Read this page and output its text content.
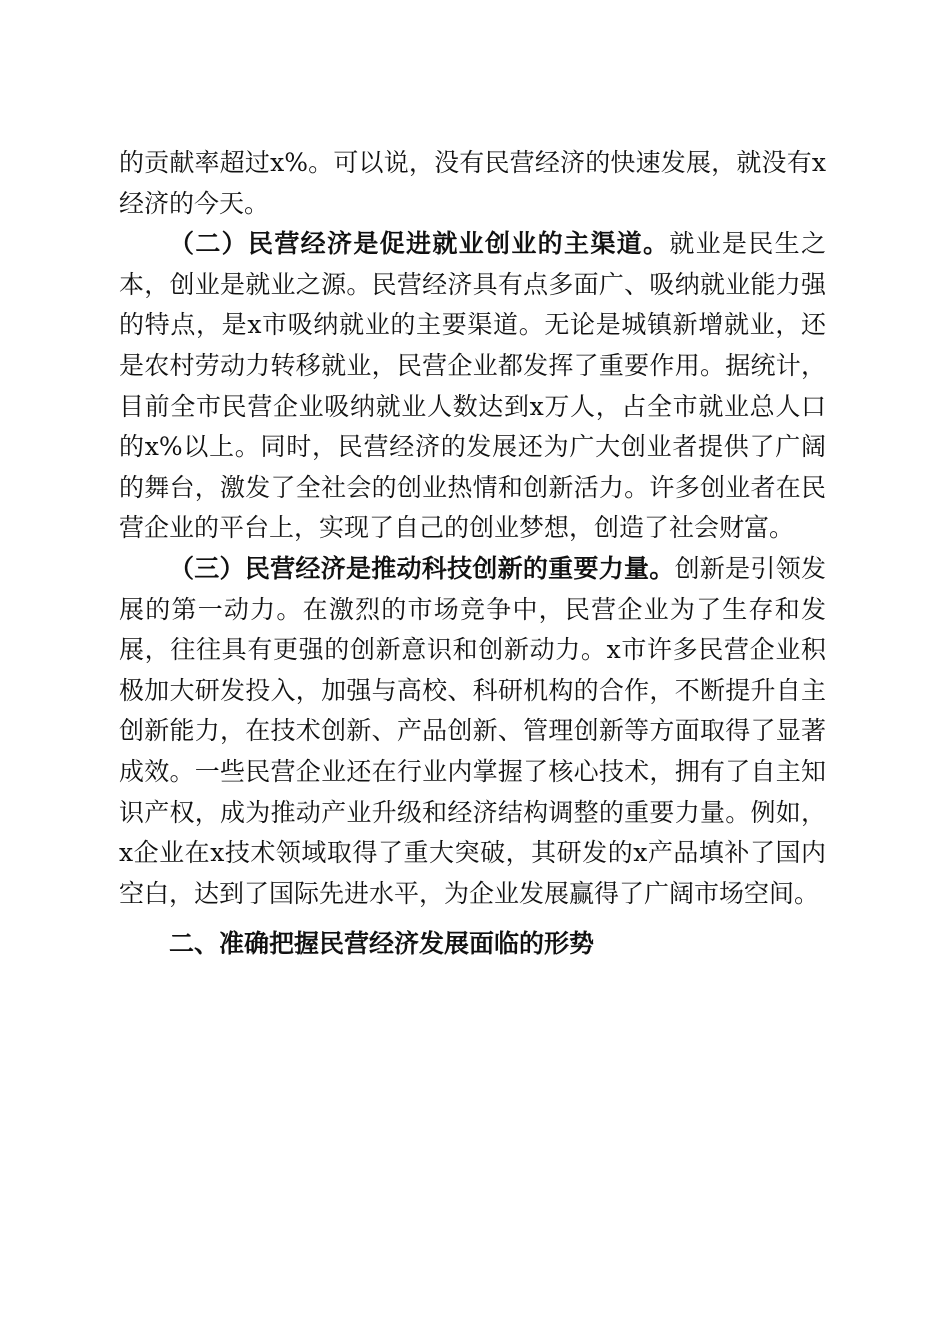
的贡献率超过x%。可以说，没有民营经济的快速发展，就没有x经济的今天。

（二）民营经济是促进就业创业的主渠道。就业是民生之本，创业是就业之源。民营经济具有点多面广、吸纳就业能力强的特点，是x市吸纳就业的主要渠道。无论是城镇新增就业，还是农村劳动力转移就业，民营企业都发挥了重要作用。据统计，目前全市民营企业吸纳就业人数达到x万人，占全市就业总人口的x%以上。同时，民营经济的发展还为广大创业者提供了广阔的舞台，激发了全社会的创业热情和创新活力。许多创业者在民营企业的平台上，实现了自己的创业梦想，创造了社会财富。

（三）民营经济是推动科技创新的重要力量。创新是引领发展的第一动力。在激烈的市场竞争中，民营企业为了生存和发展，往往具有更强的创新意识和创新动力。x市许多民营企业积极加大研发投入，加强与高校、科研机构的合作，不断提升自主创新能力，在技术创新、产品创新、管理创新等方面取得了显著成效。一些民营企业还在行业内掌握了核心技术，拥有了自主知识产权，成为推动产业升级和经济结构调整的重要力量。例如，x企业在x技术领域取得了重大突破，其研发的x产品填补了国内空白，达到了国际先进水平，为企业发展赢得了广阔市场空间。

二、准确把握民营经济发展面临的形势
